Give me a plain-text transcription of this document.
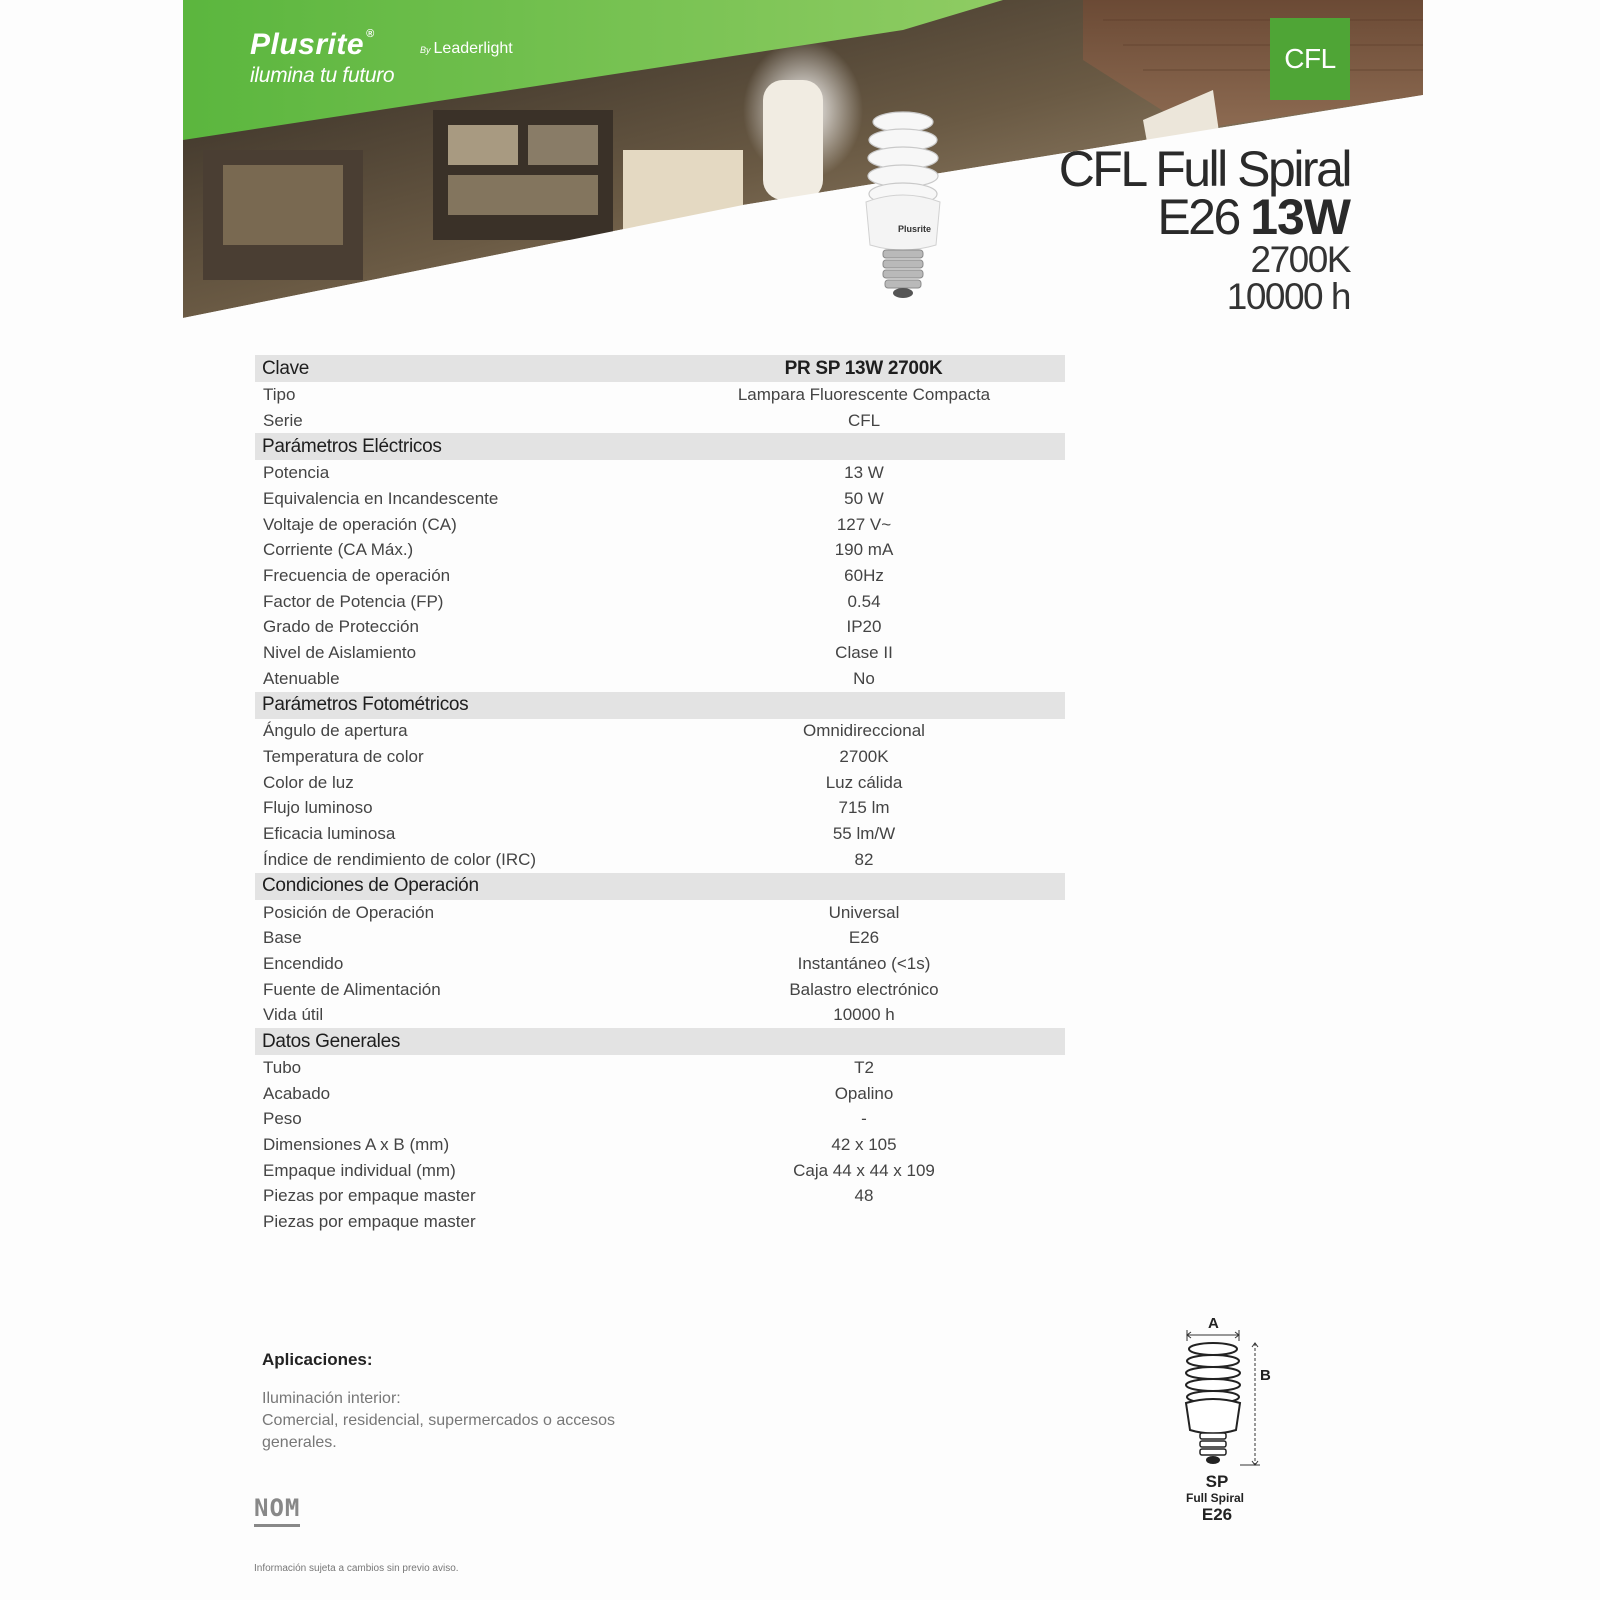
Plusrite
Plusrite ®
ilumina tu futuro
By Leaderlight	CFL
CFL Full Spiral
E26 13W
2700K
10000 h
Clave	PR SP 13W 2700K
Tipo	Lampara Fluorescente Compacta
Serie	CFL
Parámetros Eléctricos
Potencia	13 W
Equivalencia en Incandescente	50 W
Voltaje de operación (CA)	127 V~
Corriente (CA Máx.)	190 mA
Frecuencia de operación	60Hz
Factor de Potencia (FP)	0.54
Grado de Protección	IP20
Nivel de Aislamiento	Clase II
Atenuable	No
Parámetros Fotométricos
Ángulo de apertura	Omnidireccional
Temperatura de color	2700K
Color de luz	Luz cálida
Flujo luminoso	715 lm
Eficacia luminosa	55 lm/W
Índice de rendimiento de color (IRC)	82
Condiciones de Operación
Posición de Operación	Universal
Base	E26
Encendido	Instantáneo (<1s)
Fuente de Alimentación	Balastro electrónico
Vida útil	10000 h
Datos Generales
Tubo	T2
Acabado	Opalino
Peso	-
Dimensiones A x B (mm)	42 x 105
Empaque individual (mm)	Caja 44 x 44 x 109
Piezas por empaque master	48
Piezas por empaque master
Aplicaciones:
Iluminación interior:
Comercial, residencial, supermercados o accesos generales.
NOM
Información sujeta a cambios sin previo aviso.
A
B
SP
Full Spiral
E26
